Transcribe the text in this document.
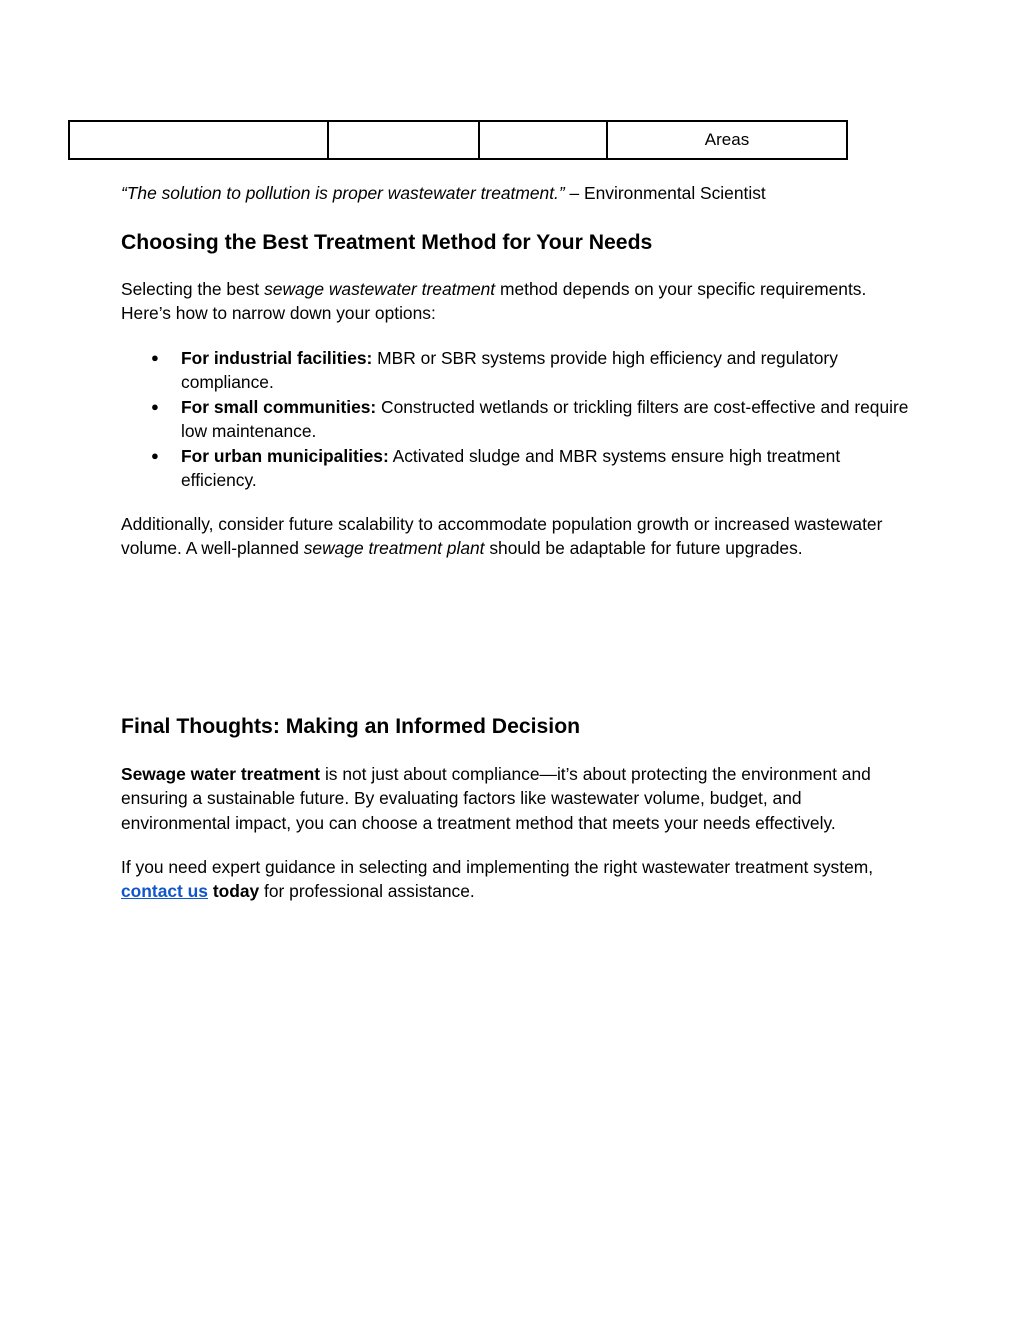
			Areas
“The solution to pollution is proper wastewater treatment.” – Environmental Scientist
Choosing the Best Treatment Method for Your Needs
Selecting the best sewage wastewater treatment method depends on your specific requirements. Here’s how to narrow down your options:
● For industrial facilities: MBR or SBR systems provide high efficiency and regulatory compliance.
● For small communities: Constructed wetlands or trickling filters are cost-effective and require low maintenance.
● For urban municipalities: Activated sludge and MBR systems ensure high treatment efficiency.
Additionally, consider future scalability to accommodate population growth or increased wastewater volume. A well-planned sewage treatment plant should be adaptable for future upgrades.
Final Thoughts: Making an Informed Decision
Sewage water treatment is not just about compliance—it’s about protecting the environment and ensuring a sustainable future. By evaluating factors like wastewater volume, budget, and environmental impact, you can choose a treatment method that meets your needs effectively.
If you need expert guidance in selecting and implementing the right wastewater treatment system, contact us today for professional assistance.
